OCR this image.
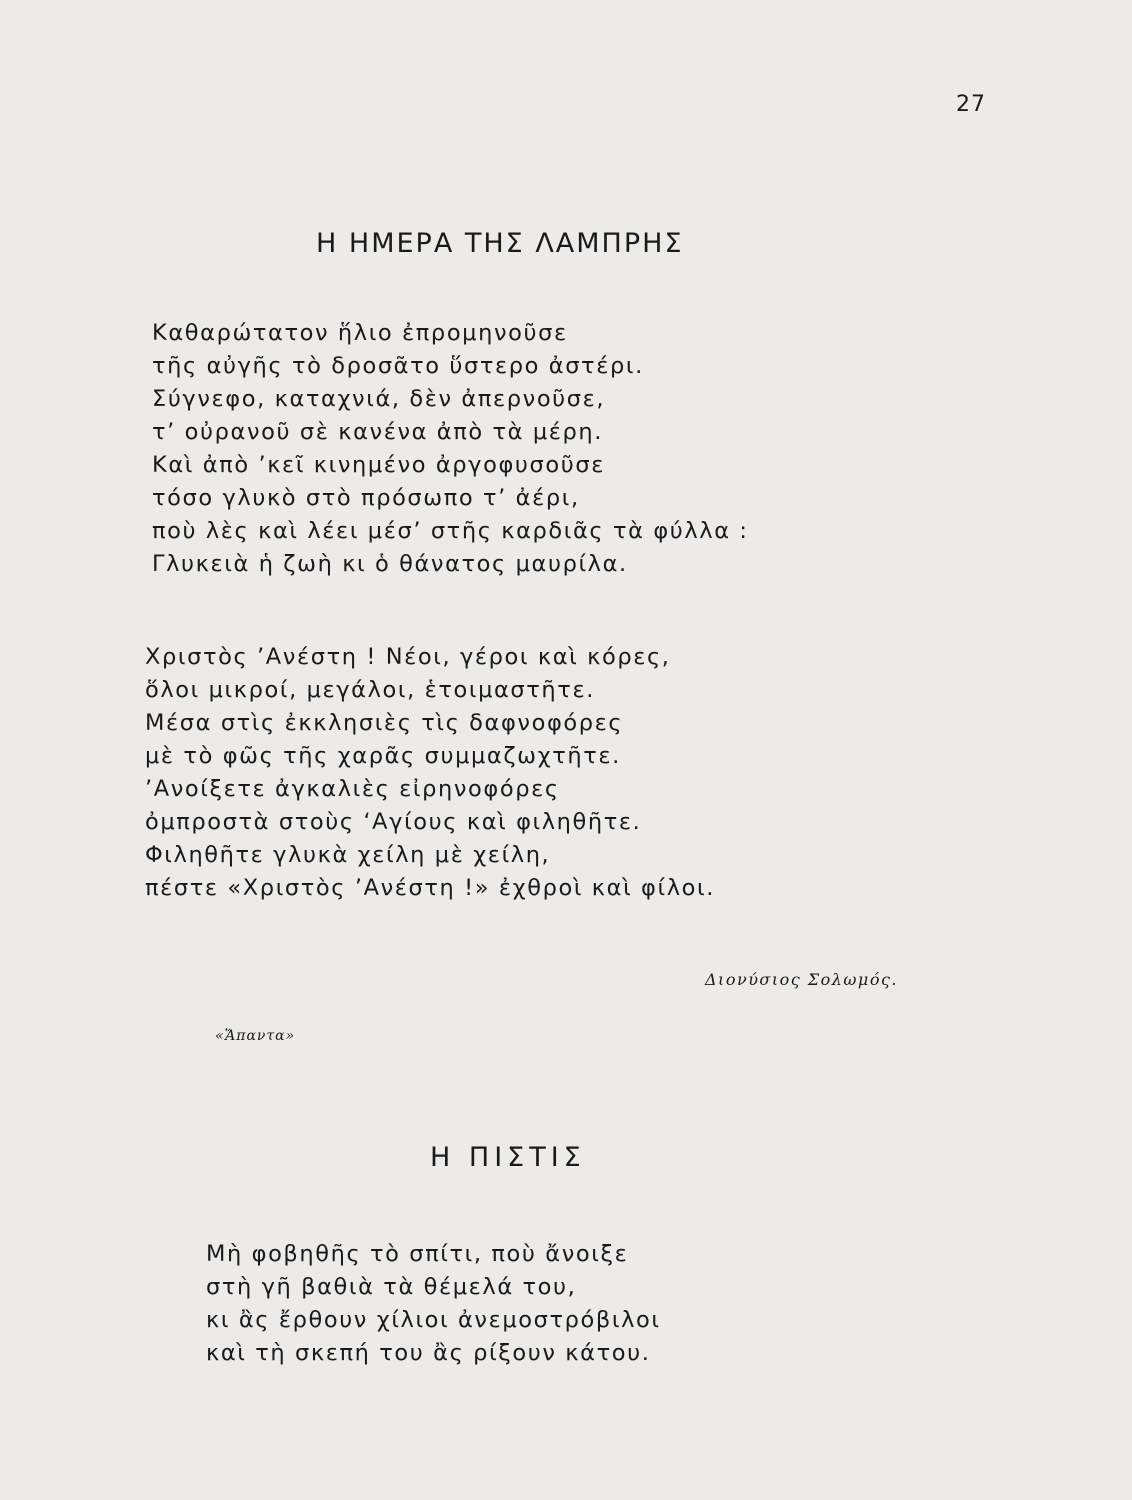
27
Η ΗΜΕΡΑ ΤΗΣ ΛΑΜΠΡΗΣ
Καθαρώτατον ἥλιο ἐπρομηνοῦσε
τῆς αὐγῆς τὸ δροσᾶτο ὕστερο ἀστέρι.
Σύγνεφο, καταχνιά, δὲν ἀπερνοῦσε,
τ’ οὐρανοῦ σὲ κανένα ἀπὸ τὰ μέρη.
Καὶ ἀπὸ ’κεῖ κινημένο ἀργοφυσοῦσε
τόσο γλυκὸ στὸ πρόσωπο τ’ ἀέρι,
ποὺ λὲς καὶ λέει μέσ’ στῆς καρδιᾶς τὰ φύλλα :
Γλυκειὰ ἡ ζωὴ κι ὁ θάνατος μαυρίλα.
Χριστὸς ’Ανέστη ! Νέοι, γέροι καὶ κόρες,
ὅλοι μικροί, μεγάλοι, ἑτοιμαστῆτε.
Μέσα στὶς ἐκκλησιὲς τὶς δαφνοφόρες
μὲ τὸ φῶς τῆς χαρᾶς συμμαζωχτῆτε.
’Ανοίξετε ἀγκαλιὲς εἰρηνοφόρες
ὀμπροστὰ στοὺς ‘Αγίους καὶ φιληθῆτε.
Φιληθῆτε γλυκὰ χείλη μὲ χείλη,
πέστε «Χριστὸς ’Ανέστη !» ἐχθροὶ καὶ φίλοι.
Διονύσιος Σολωμός.
«Ἅπαντα»
Η ΠΙΣΤΙΣ
Μὴ φοβηθῆς τὸ σπίτι, ποὺ ἄνοιξε
στὴ γῆ βαθιὰ τὰ θέμελά του,
κι ἂς ἔρθουν χίλιοι ἀνεμοστρόβιλοι
καὶ τὴ σκεπή του ἂς ρίξουν κάτου.
